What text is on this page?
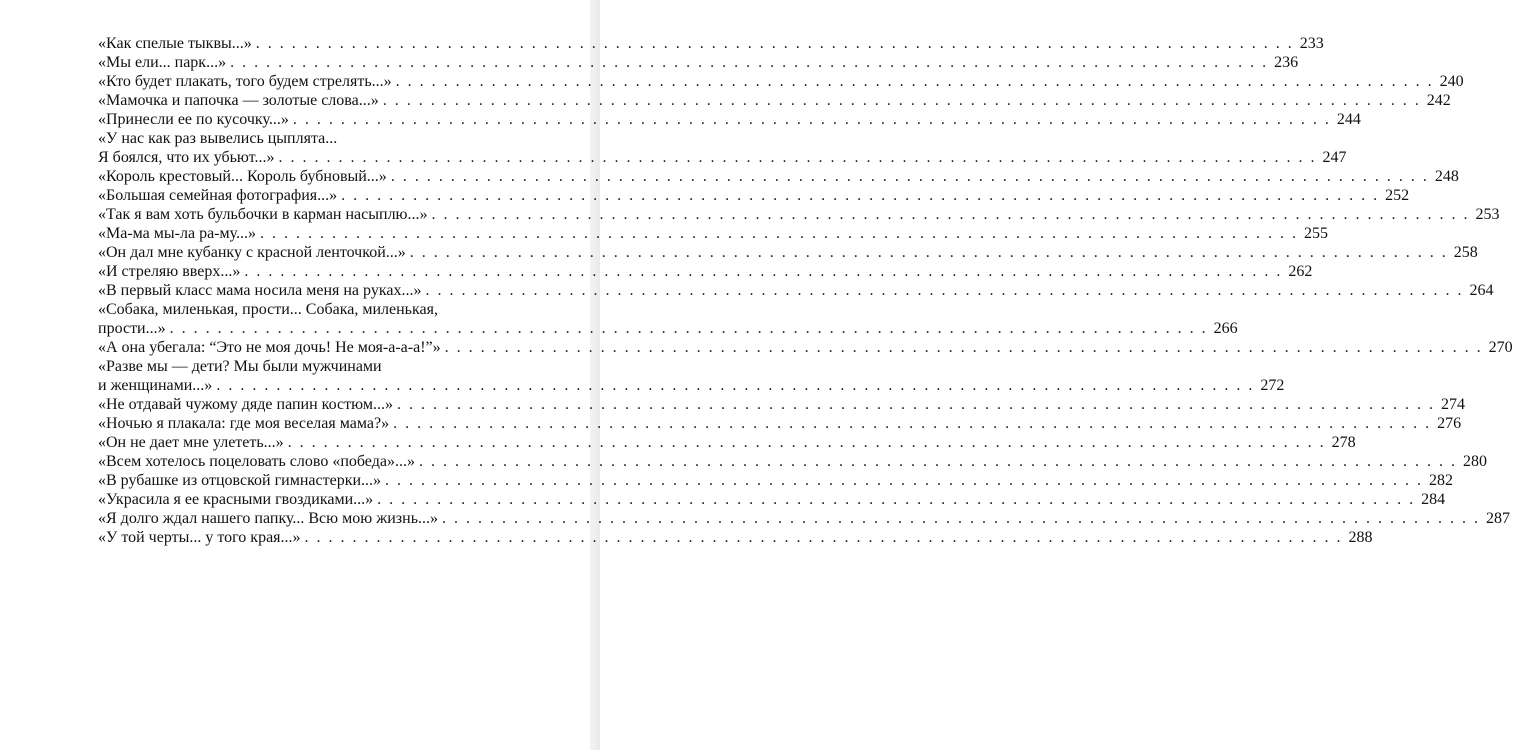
«Как спелые тыквы...» . . .	233
«Мы ели... парк...» . . .	236
«Кто будет плакать, того будем стрелять...» . . .	240
«Мамочка и папочка — золотые слова...» . . .	242
«Принесли ее по кусочку...» . . .	244
«У нас как раз вывелись цыплята...
Я боялся, что их убьют...» . . .	247
«Король крестовый... Король бубновый...» . . .	248
«Большая семейная фотография...» . . .	252
«Так я вам хоть бульбочки в карман насыплю...» . . .	253
«Ма-ма мы-ла ра-му...» . . .	255
«Он дал мне кубанку с красной ленточкой...» . . .	258
«И стреляю вверх...» . . .	262
«В первый класс мама носила меня на руках...» . . .	264
«Собака, миленькая, прости... Собака, миленькая,
прости...» . . .	266
«А она убегала: “Это не моя дочь! Не моя-а-а-а!”» . . .	270
«Разве мы — дети? Мы были мужчинами
и женщинами...» . . .	272
«Не отдавай чужому дяде папин костюм...» . . .	274
«Ночью я плакала: где моя веселая мама?» . . .	276
«Он не дает мне улететь...» . . .	278
«Всем хотелось поцеловать слово «победа»...» . . .	280
«В рубашке из отцовской гимнастерки...» . . .	282
«Украсила я ее красными гвоздиками...» . . .	284
«Я долго ждал нашего папку... Всю мою жизнь...» . . .	287
«У той черты... у того края...» . . .	288
